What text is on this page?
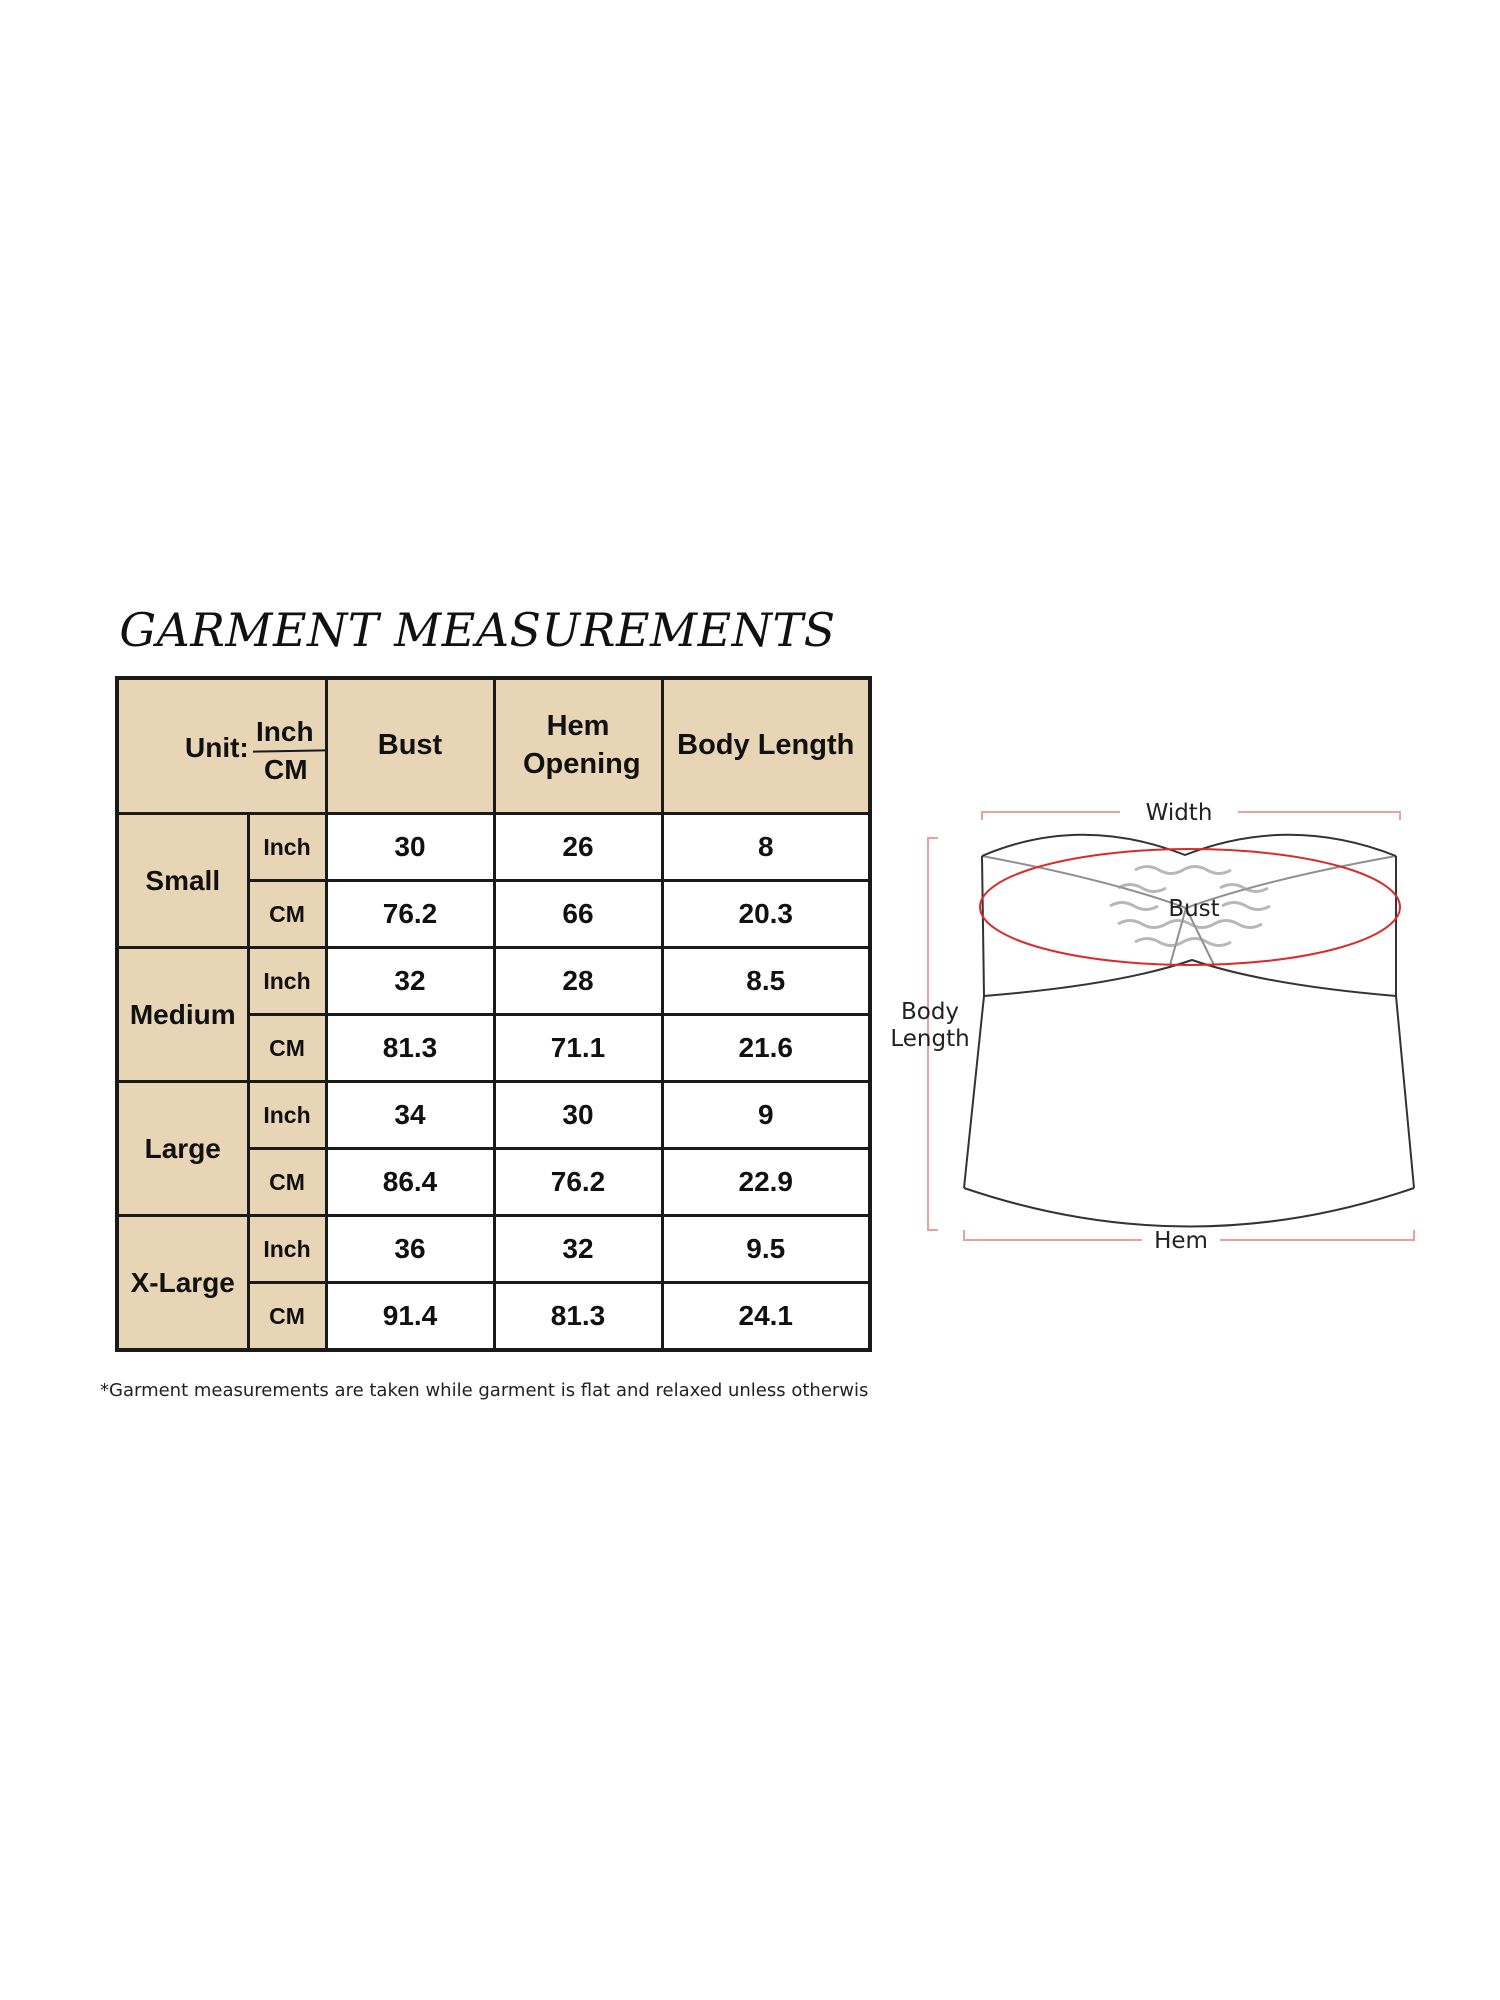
GARMENT MEASUREMENTS
Unit:
Inch
CM		Bust	Hem Opening	Body Length
Small	Inch	30	26	8
	CM	76.2	66	20.3
Medium	Inch	32	28	8.5
	CM	81.3	71.1	21.6
Large	Inch	34	30	9
	CM	86.4	76.2	22.9
X-Large	Inch	36	32	9.5
	CM	91.4	81.3	24.1
*Garment measurements are taken while garment is flat and relaxed unless otherwis
Width
Body
Length
Hem
Bust
